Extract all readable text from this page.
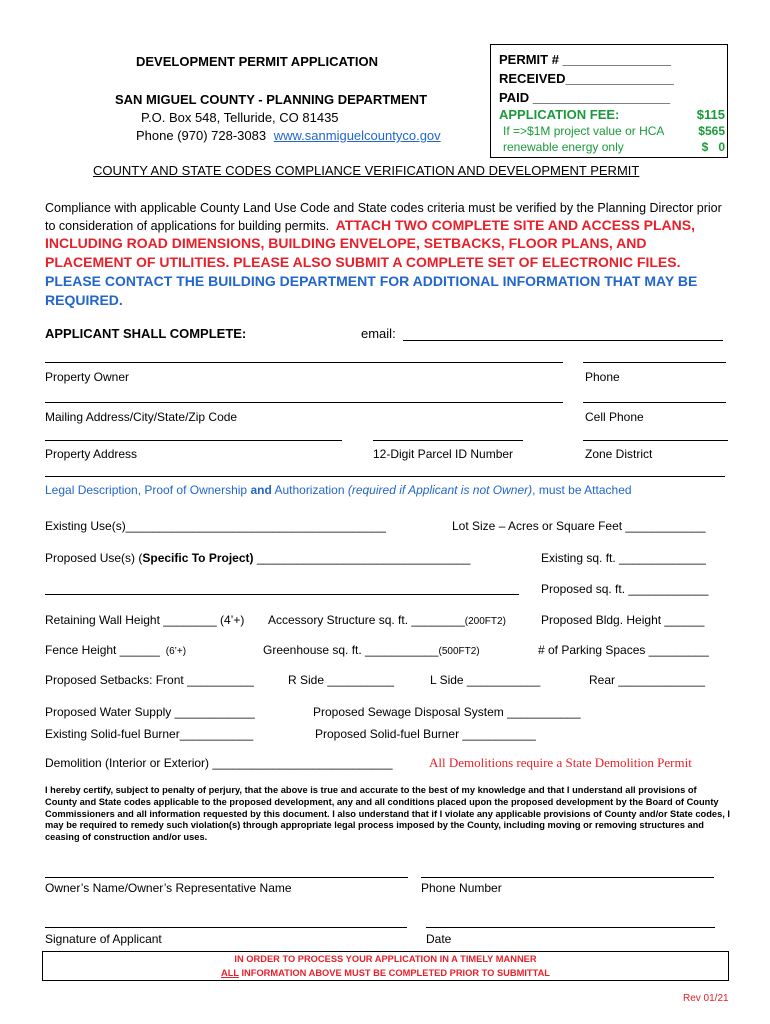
DEVELOPMENT PERMIT APPLICATION
SAN MIGUEL COUNTY - PLANNING DEPARTMENT
P.O. Box 548, Telluride, CO 81435
Phone (970) 728-3083 www.sanmiguelcountyco.gov
PERMIT # _______________
RECEIVED_______________
PAID ___________________
APPLICATION FEE:	$115
If =>$1M project value or HCA	$565
renewable energy only	$   0
COUNTY AND STATE CODES COMPLIANCE VERIFICATION AND DEVELOPMENT PERMIT
Compliance with applicable County Land Use Code and State codes criteria must be verified by the Planning Director prior
to consideration of applications for building permits. ATTACH TWO COMPLETE SITE AND ACCESS PLANS,
INCLUDING ROAD DIMENSIONS, BUILDING ENVELOPE, SETBACKS, FLOOR PLANS, AND
PLACEMENT OF UTILITIES. PLEASE ALSO SUBMIT A COMPLETE SET OF ELECTRONIC FILES.
PLEASE CONTACT THE BUILDING DEPARTMENT FOR ADDITIONAL INFORMATION THAT MAY BE
REQUIRED.
APPLICANT SHALL COMPLETE:	email:
Property Owner	Phone
Mailing Address/City/State/Zip Code	Cell Phone
Property Address	12-Digit Parcel ID Number	Zone District
Legal Description, Proof of Ownership and Authorization (required if Applicant is not Owner), must be Attached
Existing Use(s)_______________________________________	Lot Size – Acres or Square Feet ____________
Proposed Use(s) (Specific To Project) ________________________________	Existing sq. ft. _____________
Proposed sq. ft. ____________
Retaining Wall Height ________ (4’+) Accessory Structure sq. ft. ________(200FT2)	Proposed Bldg. Height ______
Fence Height ______ (6’+)	Greenhouse sq. ft. ___________(500FT2)	# of Parking Spaces _________
Proposed Setbacks: Front __________	R Side __________	L Side ___________	Rear _____________
Proposed Water Supply ____________	Proposed Sewage Disposal System ___________
Existing Solid-fuel Burner___________	Proposed Solid-fuel Burner ___________
Demolition (Interior or Exterior) ___________________________	All Demolitions require a State Demolition Permit
I hereby certify, subject to penalty of perjury, that the above is true and accurate to the best of my knowledge and that I understand all provisions of County and State codes applicable to the proposed development, any and all conditions placed upon the proposed development by the Board of County Commissioners and all information requested by this document. I also understand that if I violate any applicable provisions of County and/or State codes, I may be required to remedy such violation(s) through appropriate legal process imposed by the County, including moving or removing structures and ceasing of construction and/or uses.
Owner’s Name/Owner’s Representative Name	Phone Number
Signature of Applicant	Date
IN ORDER TO PROCESS YOUR APPLICATION IN A TIMELY MANNER
ALL INFORMATION ABOVE MUST BE COMPLETED PRIOR TO SUBMITTAL
Rev 01/21
